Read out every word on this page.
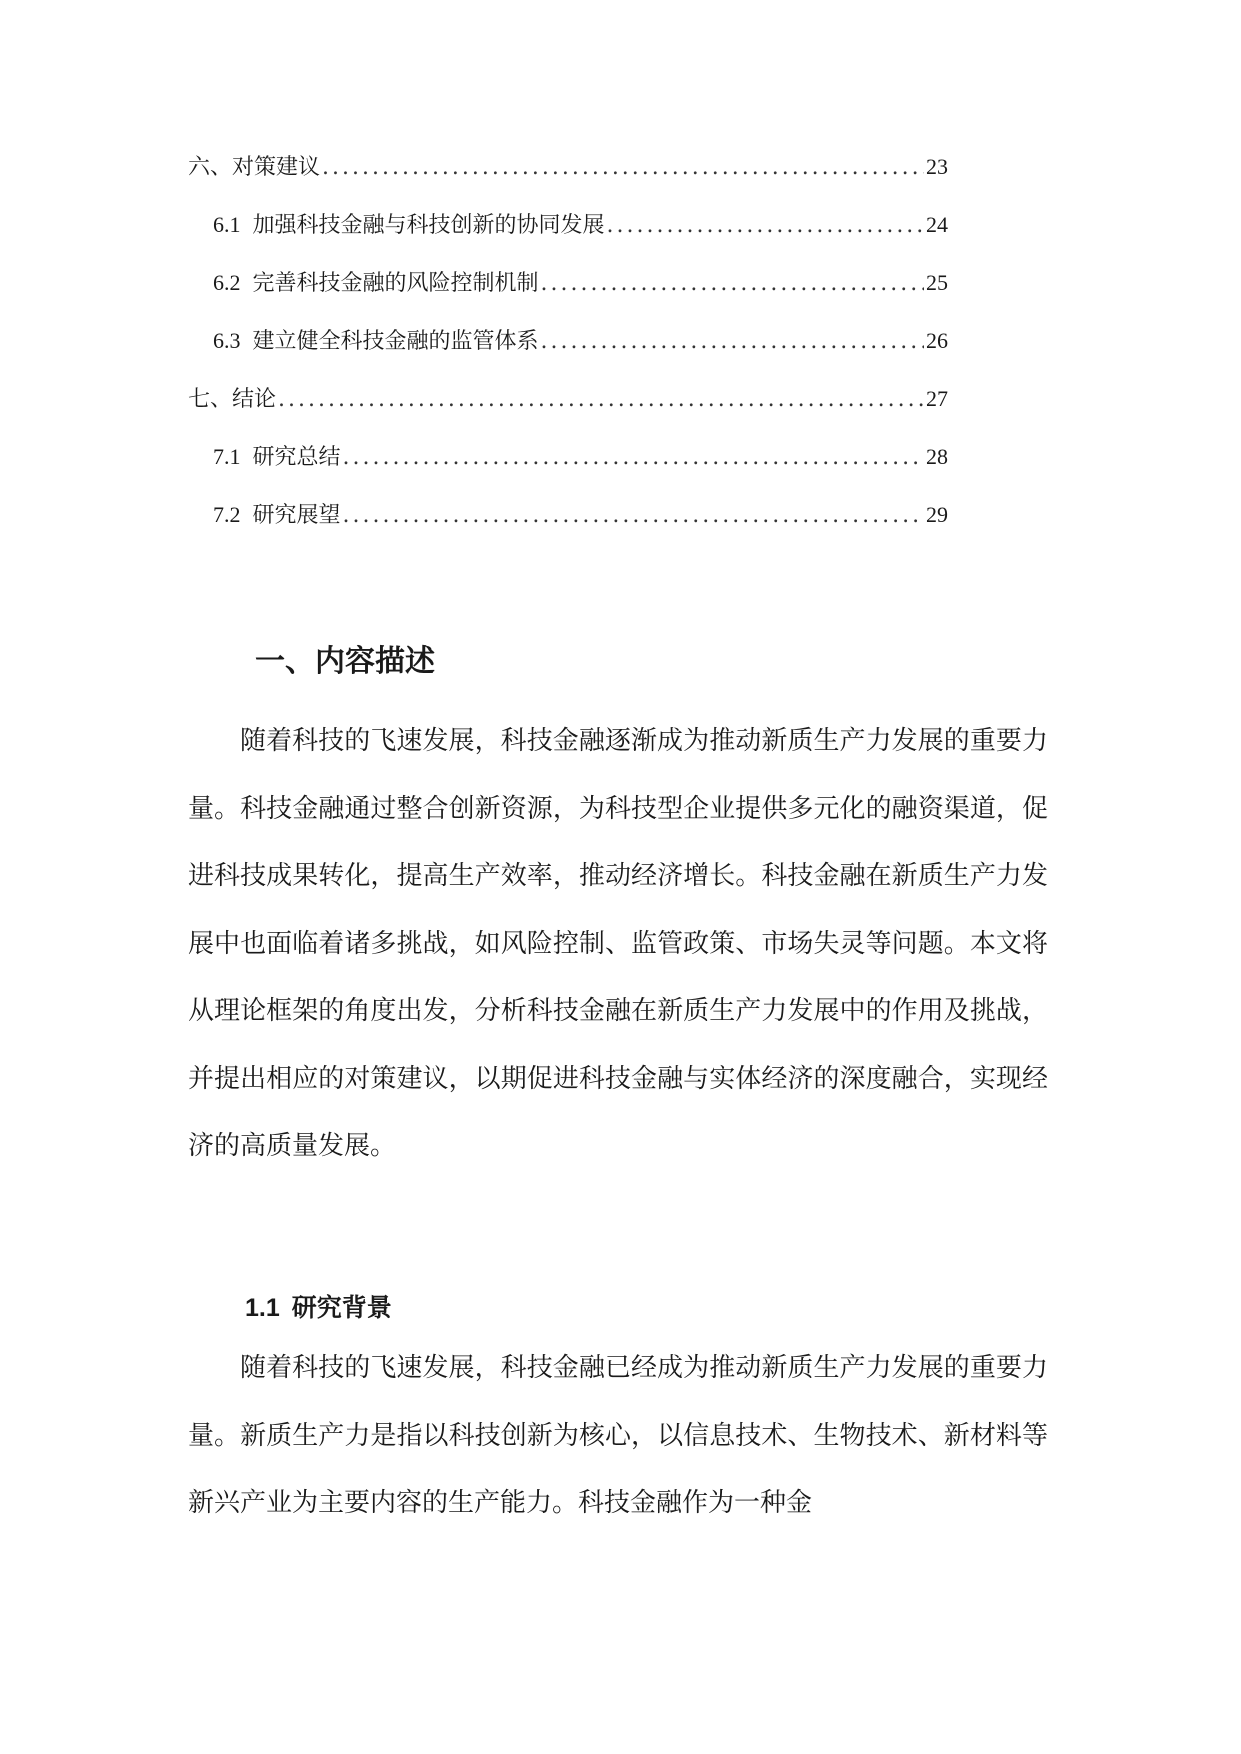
六、对策建议 .....	23
6.1 加强科技金融与科技创新的协同发展 .....	24
6.2 完善科技金融的风险控制机制 .....	25
6.3 建立健全科技金融的监管体系 .....	26
七、结论 .....	27
7.1 研究总结 .....	28
7.2 研究展望 .....	29
一、内容描述

随着科技的飞速发展，科技金融逐渐成为推动新质生产力发展的重要力量。科技金融通过整合创新资源，为科技型企业提供多元化的融资渠道，促进科技成果转化，提高生产效率，推动经济增长。科技金融在新质生产力发展中也面临着诸多挑战，如风险控制、监管政策、市场失灵等问题。本文将从理论框架的角度出发，分析科技金融在新质生产力发展中的作用及挑战，并提出相应的对策建议，以期促进科技金融与实体经济的深度融合，实现经济的高质量发展。

1.1 研究背景

随着科技的飞速发展，科技金融已经成为推动新质生产力发展的重要力量。新质生产力是指以科技创新为核心，以信息技术、生物技术、新材料等新兴产业为主要内容的生产能力。科技金融作为一种金
